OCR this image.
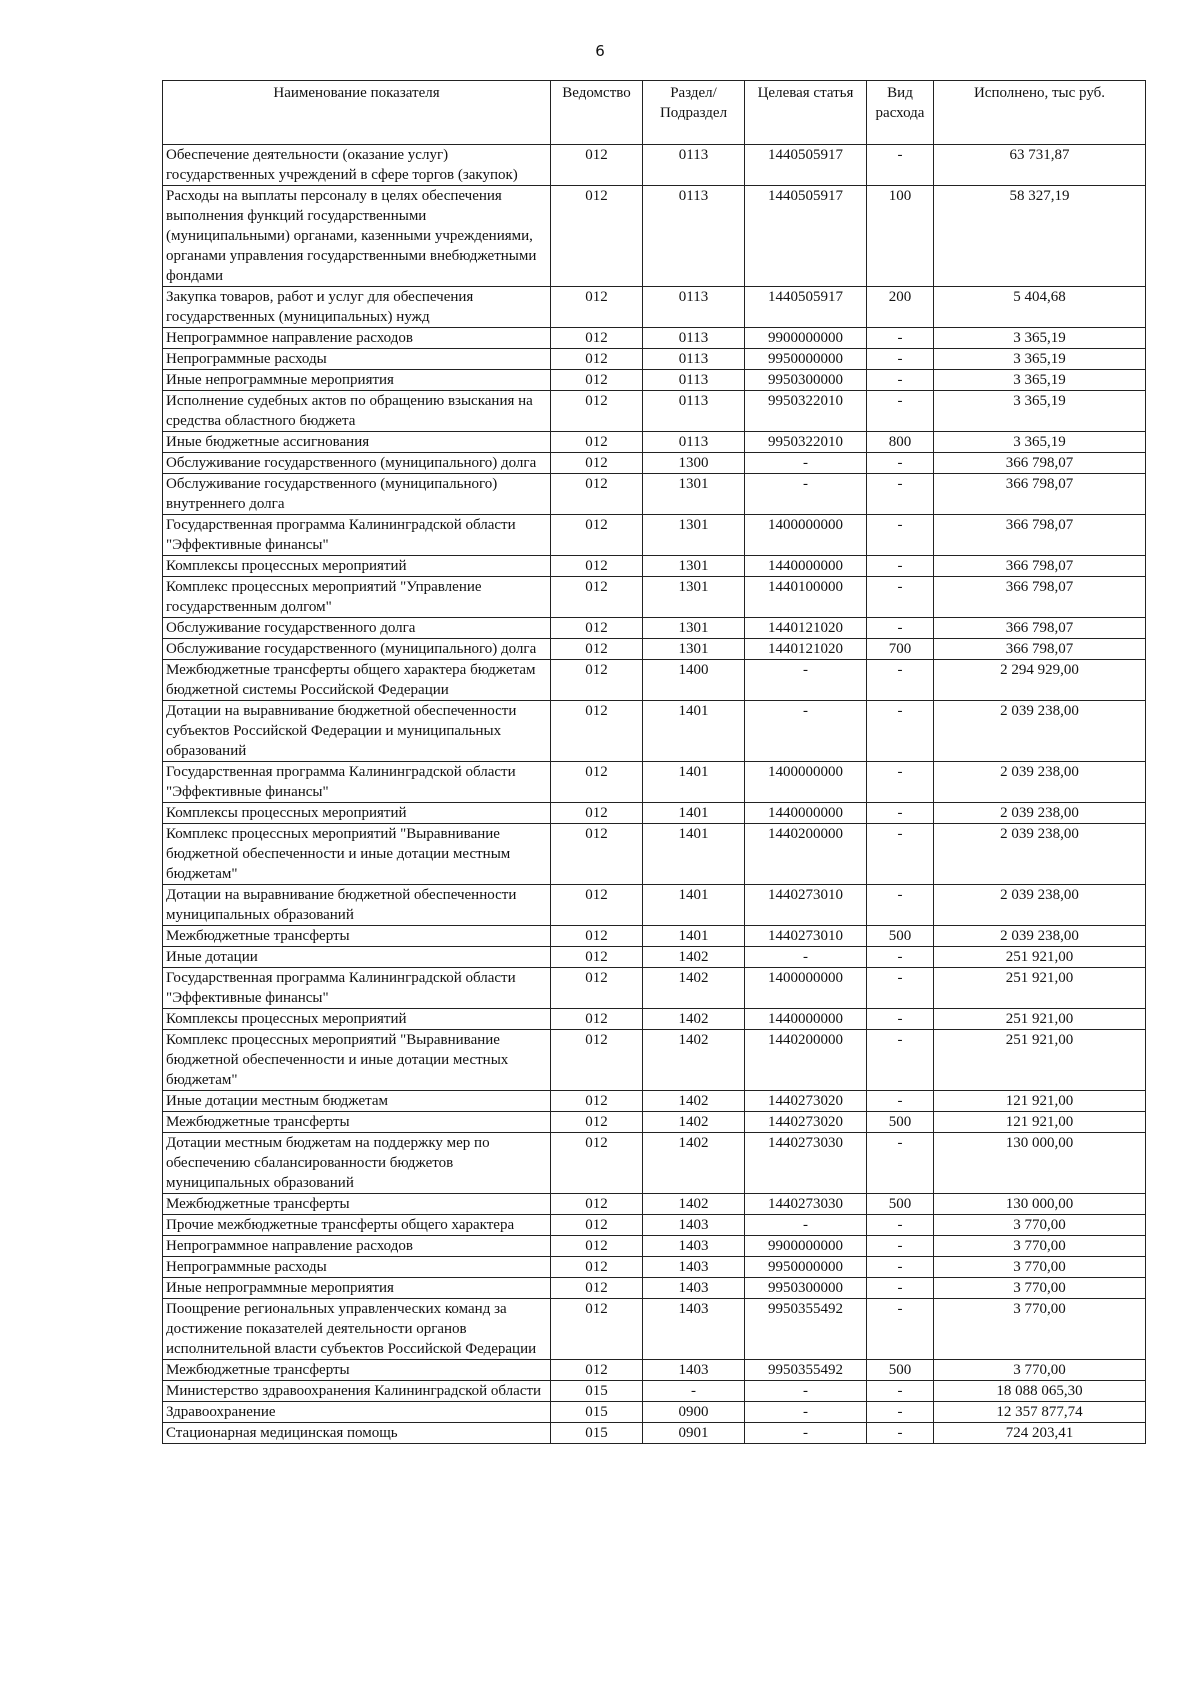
6
Наименование показателя	Ведомство	Раздел/ Подраздел	Целевая статья	Вид расхода	Исполнено, тыс руб.
Обеспечение деятельности (оказание услуг) государственных учреждений в сфере торгов (закупок)	012	0113	1440505917	-	63 731,87
Расходы на выплаты персоналу в целях обеспечения выполнения функций государственными (муниципальными) органами, казенными учреждениями, органами управления государственными внебюджетными фондами	012	0113	1440505917	100	58 327,19
Закупка товаров, работ и услуг для обеспечения государственных (муниципальных) нужд	012	0113	1440505917	200	5 404,68
Непрограммное направление расходов	012	0113	9900000000	-	3 365,19
Непрограммные расходы	012	0113	9950000000	-	3 365,19
Иные непрограммные мероприятия	012	0113	9950300000	-	3 365,19
Исполнение судебных актов по обращению взыскания на средства областного бюджета	012	0113	9950322010	-	3 365,19
Иные бюджетные ассигнования	012	0113	9950322010	800	3 365,19
Обслуживание государственного (муниципального) долга	012	1300	-	-	366 798,07
Обслуживание государственного (муниципального) внутреннего долга	012	1301	-	-	366 798,07
Государственная программа Калининградской области "Эффективные финансы"	012	1301	1400000000	-	366 798,07
Комплексы процессных мероприятий	012	1301	1440000000	-	366 798,07
Комплекс процессных мероприятий "Управление государственным долгом"	012	1301	1440100000	-	366 798,07
Обслуживание государственного долга	012	1301	1440121020	-	366 798,07
Обслуживание государственного (муниципального) долга	012	1301	1440121020	700	366 798,07
Межбюджетные трансферты общего характера бюджетам бюджетной системы Российской Федерации	012	1400	-	-	2 294 929,00
Дотации на выравнивание бюджетной обеспеченности субъектов Российской Федерации и муниципальных образований	012	1401	-	-	2 039 238,00
Государственная программа Калининградской области "Эффективные финансы"	012	1401	1400000000	-	2 039 238,00
Комплексы процессных мероприятий	012	1401	1440000000	-	2 039 238,00
Комплекс процессных мероприятий "Выравнивание бюджетной обеспеченности и иные дотации местным бюджетам"	012	1401	1440200000	-	2 039 238,00
Дотации на выравнивание бюджетной обеспеченности муниципальных образований	012	1401	1440273010	-	2 039 238,00
Межбюджетные трансферты	012	1401	1440273010	500	2 039 238,00
Иные дотации	012	1402	-	-	251 921,00
Государственная программа Калининградской области "Эффективные финансы"	012	1402	1400000000	-	251 921,00
Комплексы процессных мероприятий	012	1402	1440000000	-	251 921,00
Комплекс процессных мероприятий "Выравнивание бюджетной обеспеченности и иные дотации местных бюджетам"	012	1402	1440200000	-	251 921,00
Иные дотации местным бюджетам	012	1402	1440273020	-	121 921,00
Межбюджетные трансферты	012	1402	1440273020	500	121 921,00
Дотации местным бюджетам на поддержку мер по обеспечению сбалансированности бюджетов муниципальных образований	012	1402	1440273030	-	130 000,00
Межбюджетные трансферты	012	1402	1440273030	500	130 000,00
Прочие межбюджетные трансферты общего характера	012	1403	-	-	3 770,00
Непрограммное направление расходов	012	1403	9900000000	-	3 770,00
Непрограммные расходы	012	1403	9950000000	-	3 770,00
Иные непрограммные мероприятия	012	1403	9950300000	-	3 770,00
Поощрение региональных управленческих команд за достижение показателей деятельности органов исполнительной власти субъектов Российской Федерации	012	1403	9950355492	-	3 770,00
Межбюджетные трансферты	012	1403	9950355492	500	3 770,00
Министерство здравоохранения Калининградской области	015	-	-	-	18 088 065,30
Здравоохранение	015	0900	-	-	12 357 877,74
Стационарная медицинская помощь	015	0901	-	-	724 203,41
